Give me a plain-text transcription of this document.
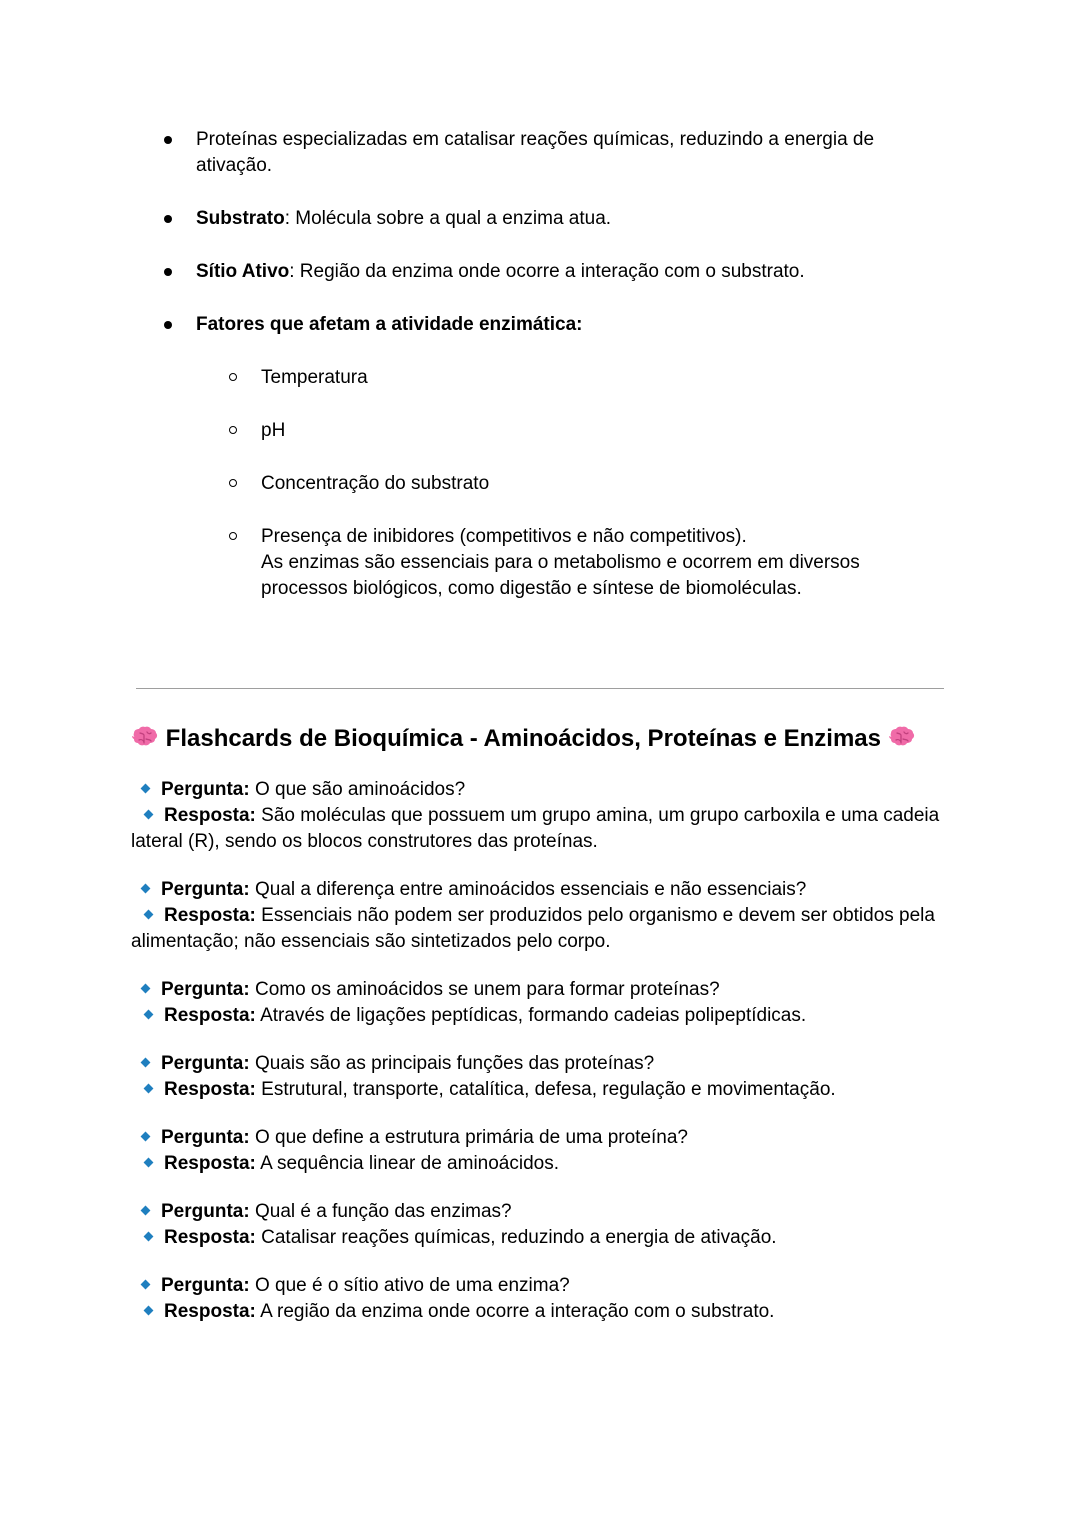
Proteínas especializadas em catalisar reações químicas, reduzindo a energia de ativação.
Substrato: Molécula sobre a qual a enzima atua.
Sítio Ativo: Região da enzima onde ocorre a interação com o substrato.
Fatores que afetam a atividade enzimática:
Temperatura
pH
Concentração do substrato
Presença de inibidores (competitivos e não competitivos).
As enzimas são essenciais para o metabolismo e ocorrem em diversos processos biológicos, como digestão e síntese de biomoléculas.
Flashcards de Bioquímica - Aminoácidos, Proteínas e Enzimas
Pergunta: O que são aminoácidos?
Resposta: São moléculas que possuem um grupo amina, um grupo carboxila e uma cadeia lateral (R), sendo os blocos construtores das proteínas.
Pergunta: Qual a diferença entre aminoácidos essenciais e não essenciais?
Resposta: Essenciais não podem ser produzidos pelo organismo e devem ser obtidos pela alimentação; não essenciais são sintetizados pelo corpo.
Pergunta: Como os aminoácidos se unem para formar proteínas?
Resposta: Através de ligações peptídicas, formando cadeias polipeptídicas.
Pergunta: Quais são as principais funções das proteínas?
Resposta: Estrutural, transporte, catalítica, defesa, regulação e movimentação.
Pergunta: O que define a estrutura primária de uma proteína?
Resposta: A sequência linear de aminoácidos.
Pergunta: Qual é a função das enzimas?
Resposta: Catalisar reações químicas, reduzindo a energia de ativação.
Pergunta: O que é o sítio ativo de uma enzima?
Resposta: A região da enzima onde ocorre a interação com o substrato.
